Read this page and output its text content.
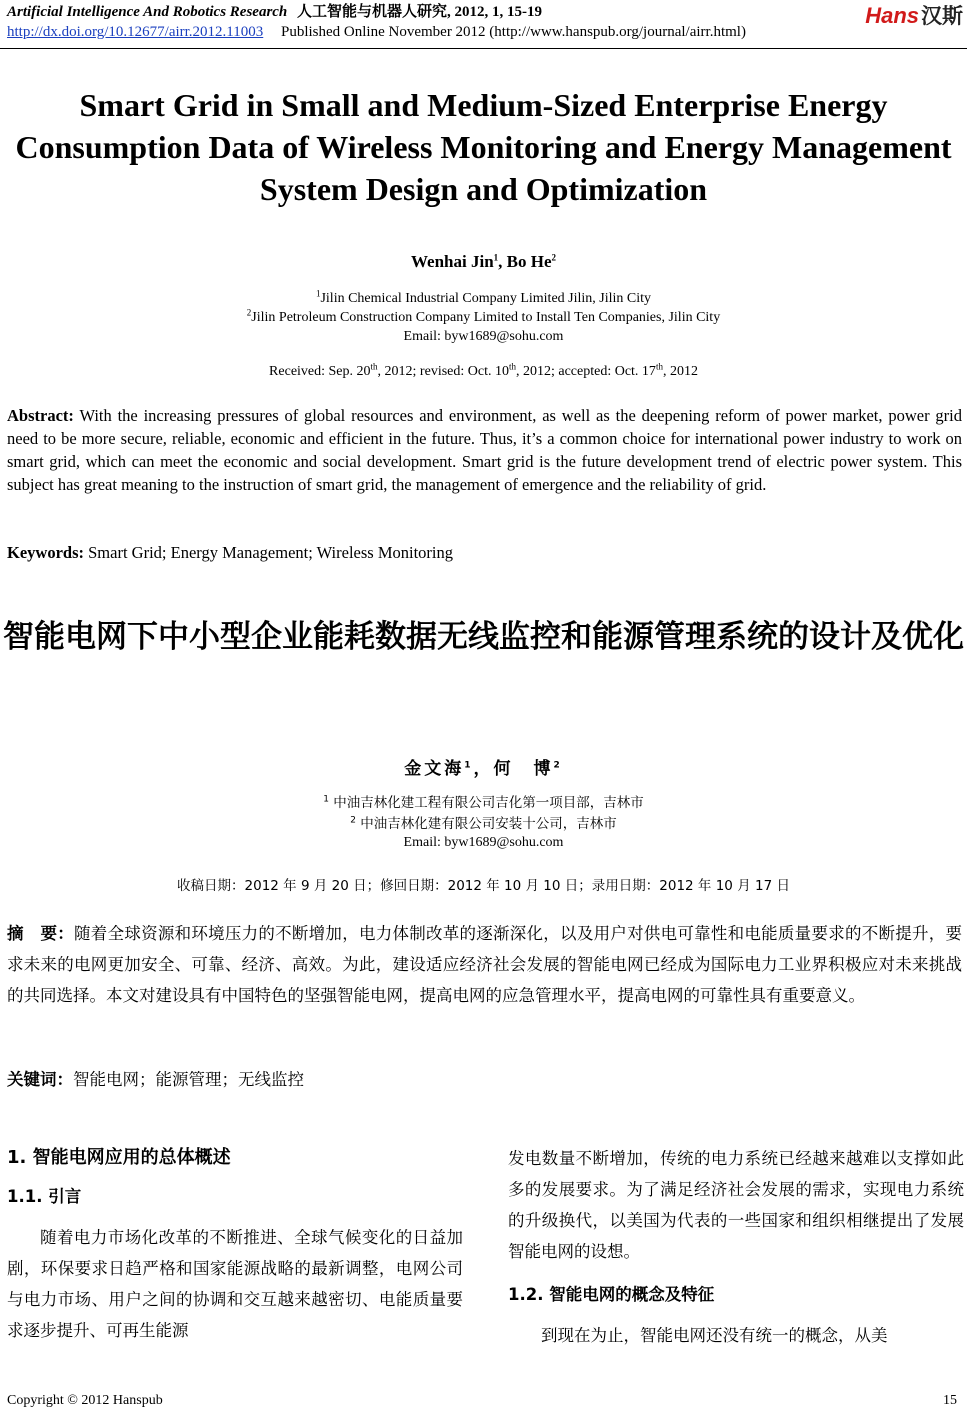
Artificial Intelligence And Robotics Research 人工智能与机器人研究, 2012, 1, 15-19
http://dx.doi.org/10.12677/airr.2012.11003 Published Online November 2012 (http://www.hanspub.org/journal/airr.html)
Hans汉斯
Smart Grid in Small and Medium-Sized Enterprise Energy Consumption Data of Wireless Monitoring and Energy Management System Design and Optimization
Wenhai Jin$^1$, Bo He$^2$
$^1$Jilin Chemical Industrial Company Limited Jilin, Jilin City
$^2$Jilin Petroleum Construction Company Limited to Install Ten Companies, Jilin City
Email: byw1689@sohu.com
Received: Sep. 20th, 2012; revised: Oct. 10th, 2012; accepted: Oct. 17th, 2012
Abstract: With the increasing pressures of global resources and environment, as well as the deepening reform of power market, power grid need to be more secure, reliable, economic and efficient in the future. Thus, it’s a common choice for international power industry to work on smart grid, which can meet the economic and social development. Smart grid is the future development trend of electric power system. This subject has great meaning to the instruction of smart grid, the management of emergence and the reliability of grid.
Keywords: Smart Grid; Energy Management; Wireless Monitoring
智能电网下中小型企业能耗数据无线监控和能源管理系统的设计及优化
金文海$^1$，何　博$^2$
$^1$ 中油吉林化建工程有限公司吉化第一项目部，吉林市
$^2$ 中油吉林化建有限公司安装十公司，吉林市
Email: byw1689@sohu.com
收稿日期：2012 年 9 月 20 日；修回日期：2012 年 10 月 10 日；录用日期：2012 年 10 月 17 日
摘　要：随着全球资源和环境压力的不断增加，电力体制改革的逐渐深化，以及用户对供电可靠性和电能质量要求的不断提升，要求未来的电网更加安全、可靠、经济、高效。为此，建设适应经济社会发展的智能电网已经成为国际电力工业界积极应对未来挑战的共同选择。本文对建设具有中国特色的坚强智能电网，提高电网的应急管理水平，提高电网的可靠性具有重要意义。
关键词：智能电网；能源管理；无线监控
1. 智能电网应用的总体概述
1.1. 引言

随着电力市场化改革的不断推进、全球气候变化的日益加剧，环保要求日趋严格和国家能源战略的最新调整，电网公司与电力市场、用户之间的协调和交互越来越密切、电能质量要求逐步提升、可再生能源

发电数量不断增加，传统的电力系统已经越来越难以支撑如此多的发展要求。为了满足经济社会发展的需求，实现电力系统的升级换代，以美国为代表的一些国家和组织相继提出了发展智能电网的设想。

1.2. 智能电网的概念及特征

到现在为止，智能电网还没有统一的概念，从美

Copyright © 2012 Hanspub	15
